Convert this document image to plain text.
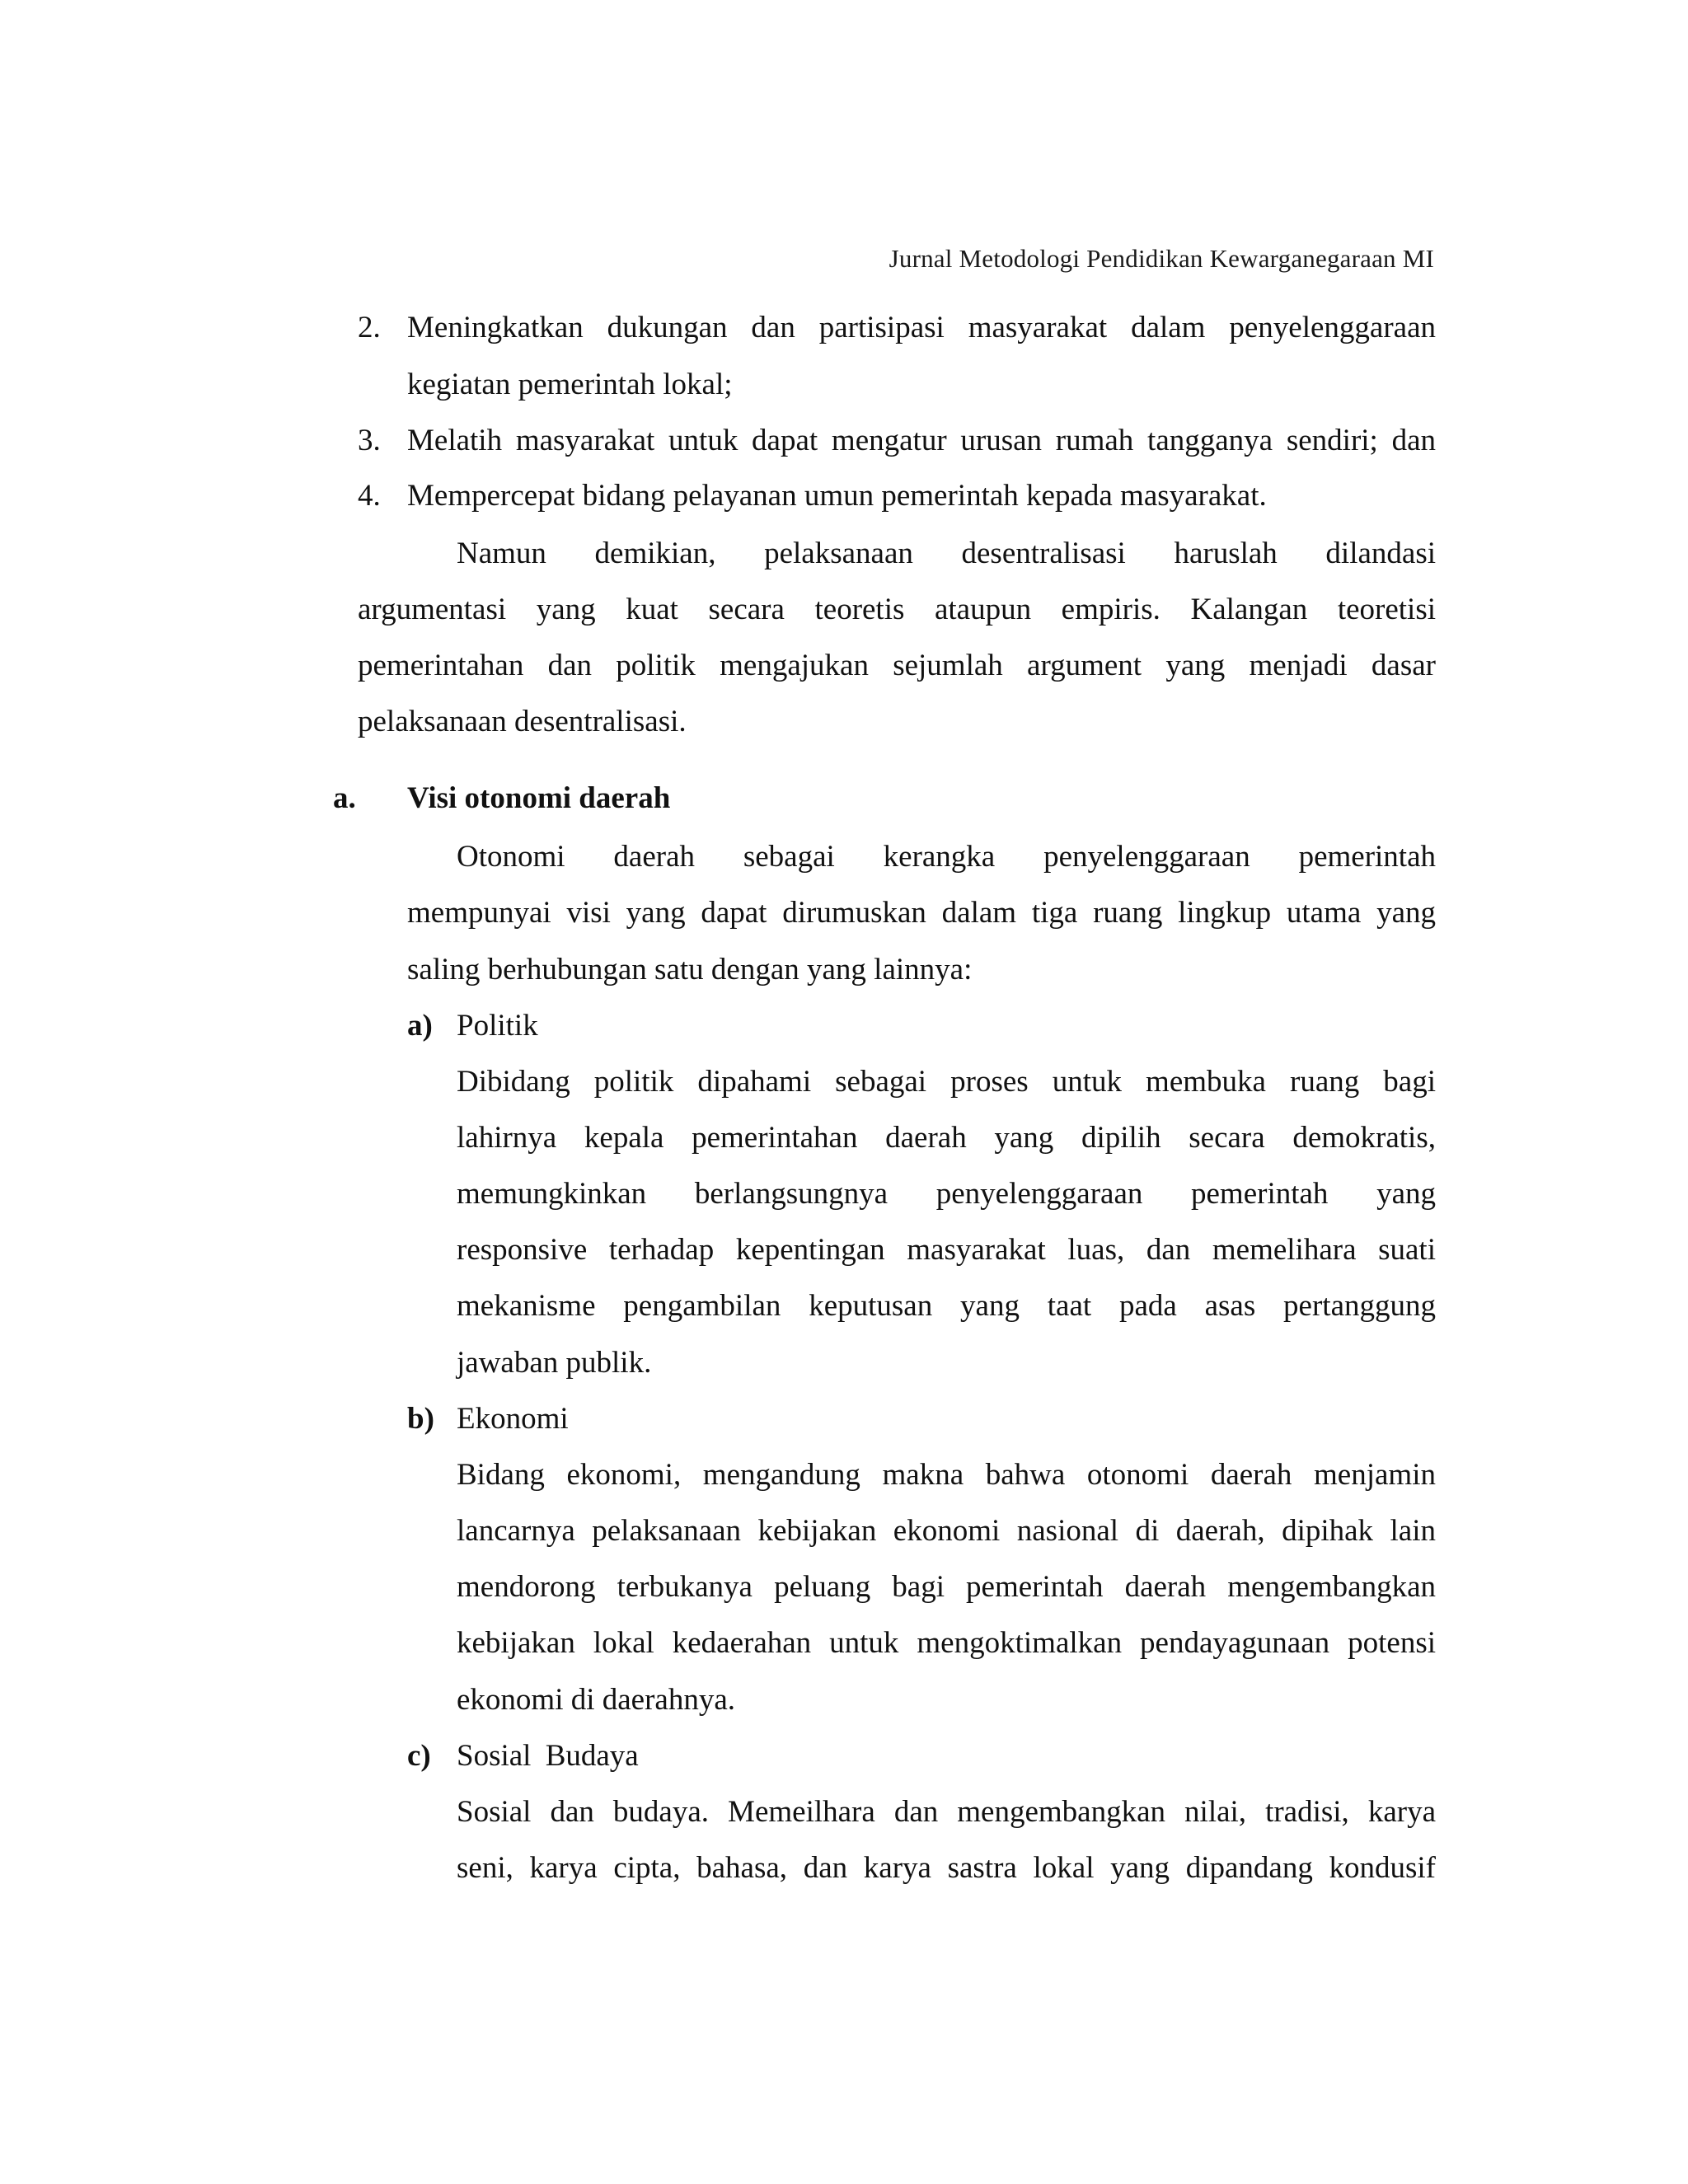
Jurnal Metodologi Pendidikan Kewarganegaraan MI
2. Meningkatkan dukungan dan partisipasi masyarakat dalam penyelenggaraan
kegiatan pemerintah lokal;
3. Melatih masyarakat untuk dapat mengatur urusan rumah tangganya sendiri; dan
4. Mempercepat bidang pelayanan umun pemerintah kepada masyarakat.
Namun demikian, pelaksanaan desentralisasi haruslah dilandasi
argumentasi yang kuat secara teoretis ataupun empiris. Kalangan teoretisi
pemerintahan dan politik mengajukan sejumlah argument yang menjadi dasar
pelaksanaan desentralisasi.
a. Visi otonomi daerah
Otonomi daerah sebagai kerangka penyelenggaraan pemerintah
mempunyai visi yang dapat dirumuskan dalam tiga ruang lingkup utama yang
saling berhubungan satu dengan yang lainnya:
a) Politik
Dibidang politik dipahami sebagai proses untuk membuka ruang bagi
lahirnya kepala pemerintahan daerah yang dipilih secara demokratis,
memungkinkan berlangsungnya penyelenggaraan pemerintah yang
responsive terhadap kepentingan masyarakat luas, dan memelihara suati
mekanisme pengambilan keputusan yang taat pada asas pertanggung
jawaban publik.
b) Ekonomi
Bidang ekonomi, mengandung makna bahwa otonomi daerah menjamin
lancarnya pelaksanaan kebijakan ekonomi nasional di daerah, dipihak lain
mendorong terbukanya peluang bagi pemerintah daerah mengembangkan
kebijakan lokal kedaerahan untuk mengoktimalkan pendayagunaan potensi
ekonomi di daerahnya.
c) Sosial Budaya
Sosial dan budaya. Memeilhara dan mengembangkan nilai, tradisi, karya
seni, karya cipta, bahasa, dan karya sastra lokal yang dipandang kondusif
